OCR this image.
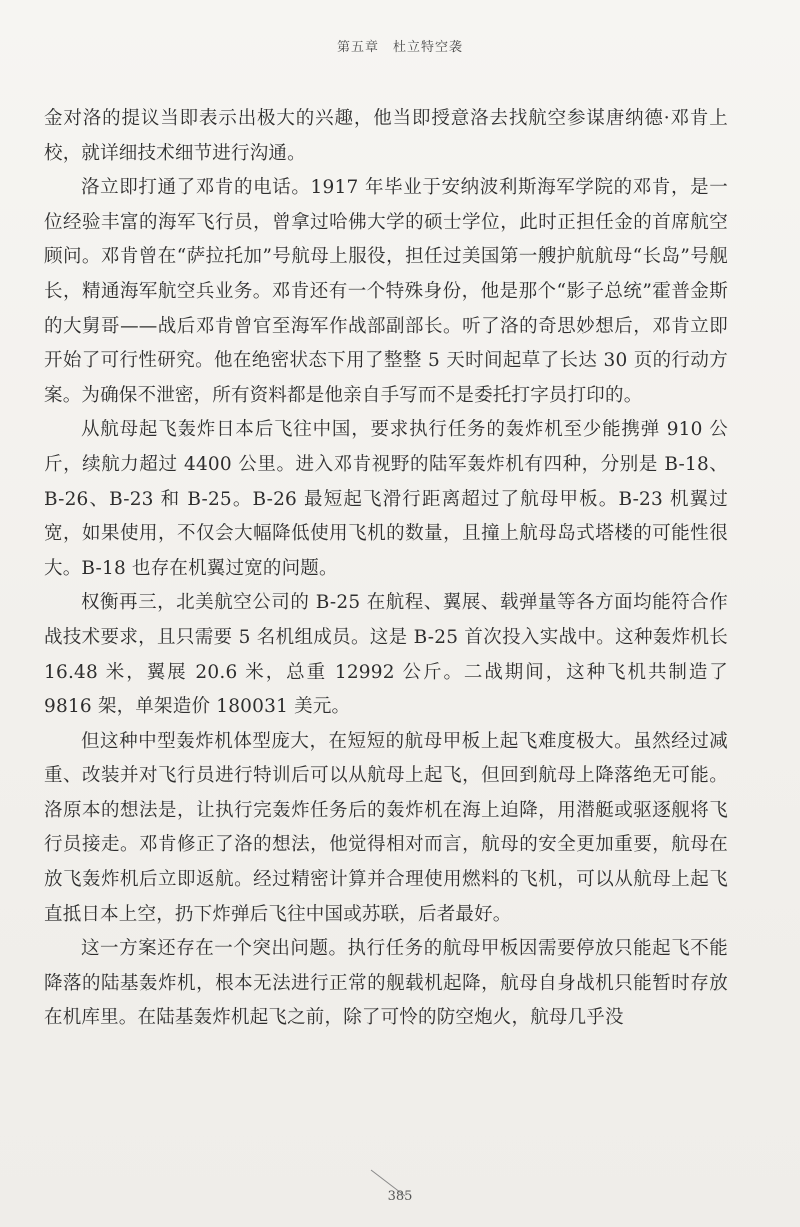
第五章　杜立特空袭

金对洛的提议当即表示出极大的兴趣，他当即授意洛去找航空参谋唐纳德·邓肯上校，就详细技术细节进行沟通。

洛立即打通了邓肯的电话。1917 年毕业于安纳波利斯海军学院的邓肯，是一位经验丰富的海军飞行员，曾拿过哈佛大学的硕士学位，此时正担任金的首席航空顾问。邓肯曾在“萨拉托加”号航母上服役，担任过美国第一艘护航航母“长岛”号舰长，精通海军航空兵业务。邓肯还有一个特殊身份，他是那个“影子总统”霍普金斯的大舅哥——战后邓肯曾官至海军作战部副部长。听了洛的奇思妙想后，邓肯立即开始了可行性研究。他在绝密状态下用了整整 5 天时间起草了长达 30 页的行动方案。为确保不泄密，所有资料都是他亲自手写而不是委托打字员打印的。

从航母起飞轰炸日本后飞往中国，要求执行任务的轰炸机至少能携弹 910 公斤，续航力超过 4400 公里。进入邓肯视野的陆军轰炸机有四种，分别是 B-18、B-26、B-23 和 B-25。B-26 最短起飞滑行距离超过了航母甲板。B-23 机翼过宽，如果使用，不仅会大幅降低使用飞机的数量，且撞上航母岛式塔楼的可能性很大。B-18 也存在机翼过宽的问题。

权衡再三，北美航空公司的 B-25 在航程、翼展、载弹量等各方面均能符合作战技术要求，且只需要 5 名机组成员。这是 B-25 首次投入实战中。这种轰炸机长 16.48 米，翼展 20.6 米，总重 12992 公斤。二战期间，这种飞机共制造了 9816 架，单架造价 180031 美元。

但这种中型轰炸机体型庞大，在短短的航母甲板上起飞难度极大。虽然经过减重、改装并对飞行员进行特训后可以从航母上起飞，但回到航母上降落绝无可能。洛原本的想法是，让执行完轰炸任务后的轰炸机在海上迫降，用潜艇或驱逐舰将飞行员接走。邓肯修正了洛的想法，他觉得相对而言，航母的安全更加重要，航母在放飞轰炸机后立即返航。经过精密计算并合理使用燃料的飞机，可以从航母上起飞直抵日本上空，扔下炸弹后飞往中国或苏联，后者最好。

这一方案还存在一个突出问题。执行任务的航母甲板因需要停放只能起飞不能降落的陆基轰炸机，根本无法进行正常的舰载机起降，航母自身战机只能暂时存放在机库里。在陆基轰炸机起飞之前，除了可怜的防空炮火，航母几乎没

385
